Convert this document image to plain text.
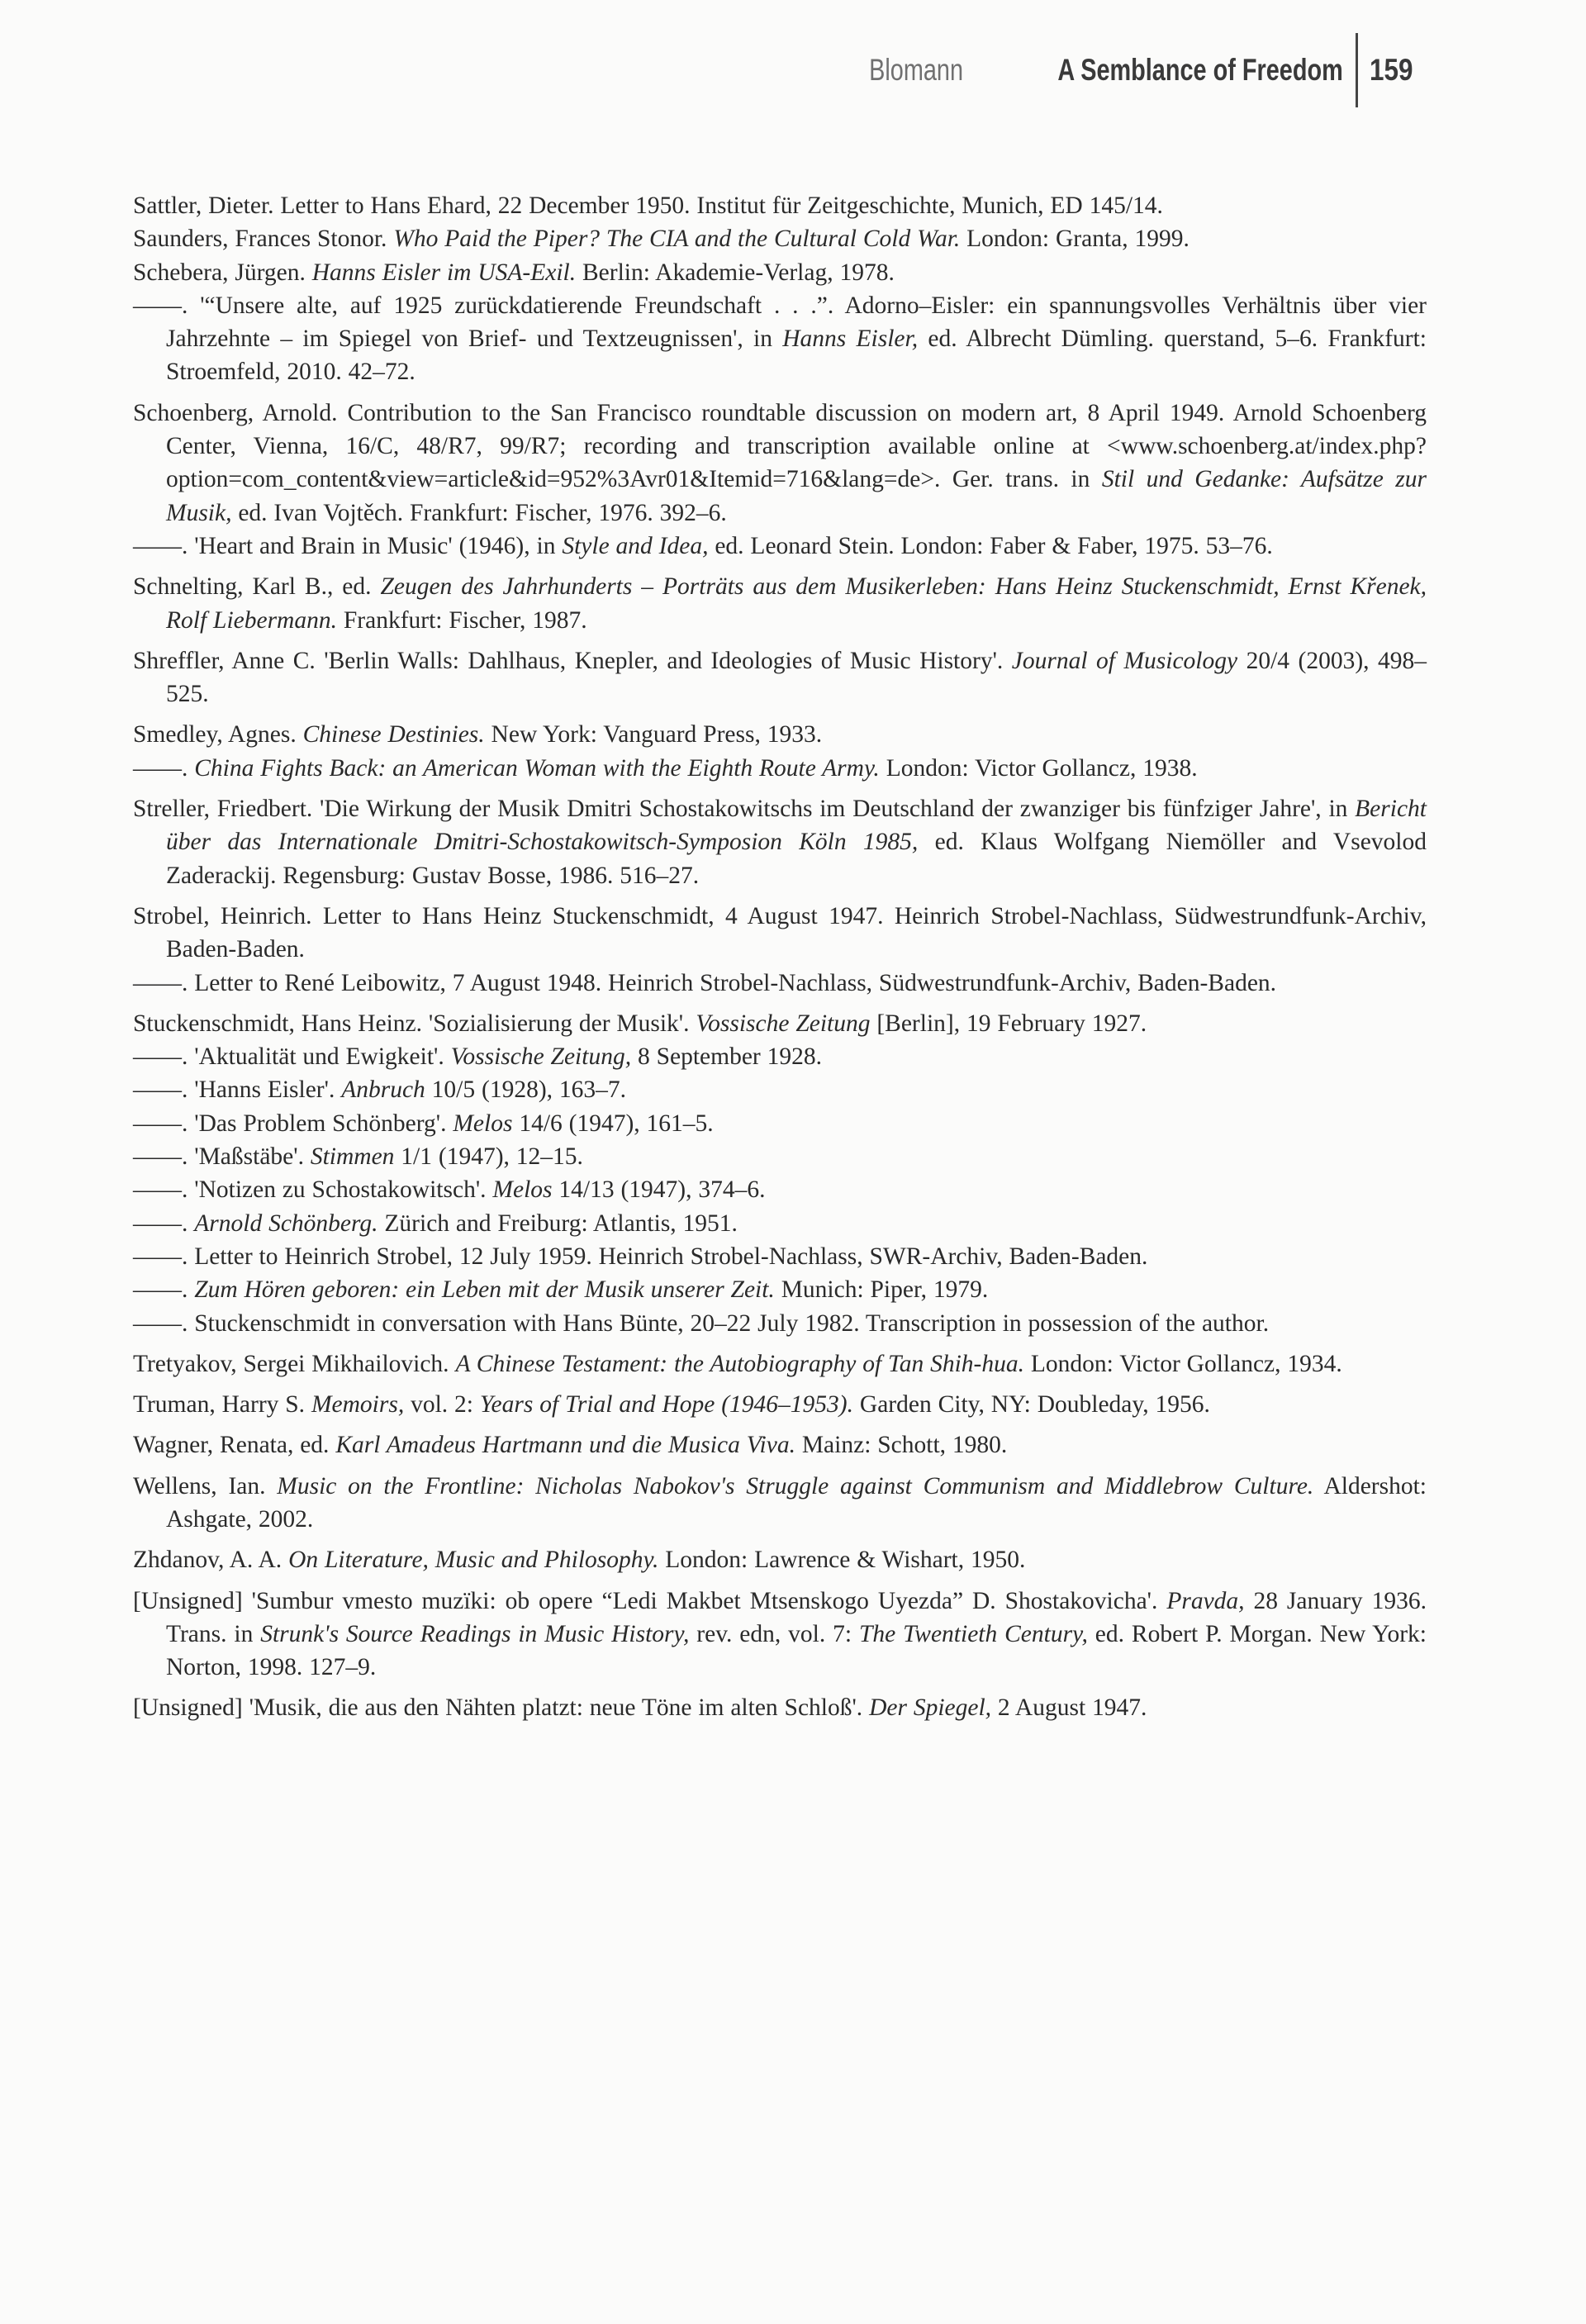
Blomann	A Semblance of Freedom 159
Sattler, Dieter. Letter to Hans Ehard, 22 December 1950. Institut für Zeitgeschichte, Munich, ED 145/14.
Saunders, Frances Stonor. Who Paid the Piper? The CIA and the Cultural Cold War. London: Granta, 1999.
Schebera, Jürgen. Hanns Eisler im USA-Exil. Berlin: Akademie-Verlag, 1978.
——. '“Unsere alte, auf 1925 zurückdatierende Freundschaft . . .”. Adorno–Eisler: ein spannungsvolles Verhältnis über vier Jahrzehnte – im Spiegel von Brief- und Textzeugnissen', in Hanns Eisler, ed. Albrecht Dümling. querstand, 5–6. Frankfurt: Stroemfeld, 2010. 42–72.
Schoenberg, Arnold. Contribution to the San Francisco roundtable discussion on modern art, 8 April 1949. Arnold Schoenberg Center, Vienna, 16/C, 48/R7, 99/R7; recording and transcription available online at <www.schoenberg.at/index.php?option=com_content&view=article&id=952%3Avr01&Itemid=716&lang=de>. Ger. trans. in Stil und Gedanke: Aufsätze zur Musik, ed. Ivan Vojtěch. Frankfurt: Fischer, 1976. 392–6.
——. 'Heart and Brain in Music' (1946), in Style and Idea, ed. Leonard Stein. London: Faber & Faber, 1975. 53–76.
Schnelting, Karl B., ed. Zeugen des Jahrhunderts – Porträts aus dem Musikerleben: Hans Heinz Stuckenschmidt, Ernst Křenek, Rolf Liebermann. Frankfurt: Fischer, 1987.
Shreffler, Anne C. 'Berlin Walls: Dahlhaus, Knepler, and Ideologies of Music History'. Journal of Musicology 20/4 (2003), 498–525.
Smedley, Agnes. Chinese Destinies. New York: Vanguard Press, 1933.
——. China Fights Back: an American Woman with the Eighth Route Army. London: Victor Gollancz, 1938.
Streller, Friedbert. 'Die Wirkung der Musik Dmitri Schostakowitschs im Deutschland der zwanziger bis fünfziger Jahre', in Bericht über das Internationale Dmitri-Schostakowitsch-Symposion Köln 1985, ed. Klaus Wolfgang Niemöller and Vsevolod Zaderackij. Regensburg: Gustav Bosse, 1986. 516–27.
Strobel, Heinrich. Letter to Hans Heinz Stuckenschmidt, 4 August 1947. Heinrich Strobel-Nachlass, Südwestrundfunk-Archiv, Baden-Baden.
——. Letter to René Leibowitz, 7 August 1948. Heinrich Strobel-Nachlass, Südwestrundfunk-Archiv, Baden-Baden.
Stuckenschmidt, Hans Heinz. 'Sozialisierung der Musik'. Vossische Zeitung [Berlin], 19 February 1927.
——. 'Aktualität und Ewigkeit'. Vossische Zeitung, 8 September 1928.
——. 'Hanns Eisler'. Anbruch 10/5 (1928), 163–7.
——. 'Das Problem Schönberg'. Melos 14/6 (1947), 161–5.
——. 'Maßstäbe'. Stimmen 1/1 (1947), 12–15.
——. 'Notizen zu Schostakowitsch'. Melos 14/13 (1947), 374–6.
——. Arnold Schönberg. Zürich and Freiburg: Atlantis, 1951.
——. Letter to Heinrich Strobel, 12 July 1959. Heinrich Strobel-Nachlass, SWR-Archiv, Baden-Baden.
——. Zum Hören geboren: ein Leben mit der Musik unserer Zeit. Munich: Piper, 1979.
——. Stuckenschmidt in conversation with Hans Bünte, 20–22 July 1982. Transcription in possession of the author.
Tretyakov, Sergei Mikhailovich. A Chinese Testament: the Autobiography of Tan Shih-hua. London: Victor Gollancz, 1934.
Truman, Harry S. Memoirs, vol. 2: Years of Trial and Hope (1946–1953). Garden City, NY: Doubleday, 1956.
Wagner, Renata, ed. Karl Amadeus Hartmann und die Musica Viva. Mainz: Schott, 1980.
Wellens, Ian. Music on the Frontline: Nicholas Nabokov's Struggle against Communism and Middlebrow Culture. Aldershot: Ashgate, 2002.
Zhdanov, A. A. On Literature, Music and Philosophy. London: Lawrence & Wishart, 1950.
[Unsigned] 'Sumbur vmesto muzïki: ob opere “Ledi Makbet Mtsenskogo Uyezda” D. Shostakovicha'. Pravda, 28 January 1936. Trans. in Strunk's Source Readings in Music History, rev. edn, vol. 7: The Twentieth Century, ed. Robert P. Morgan. New York: Norton, 1998. 127–9.
[Unsigned] 'Musik, die aus den Nähten platzt: neue Töne im alten Schloß'. Der Spiegel, 2 August 1947.
